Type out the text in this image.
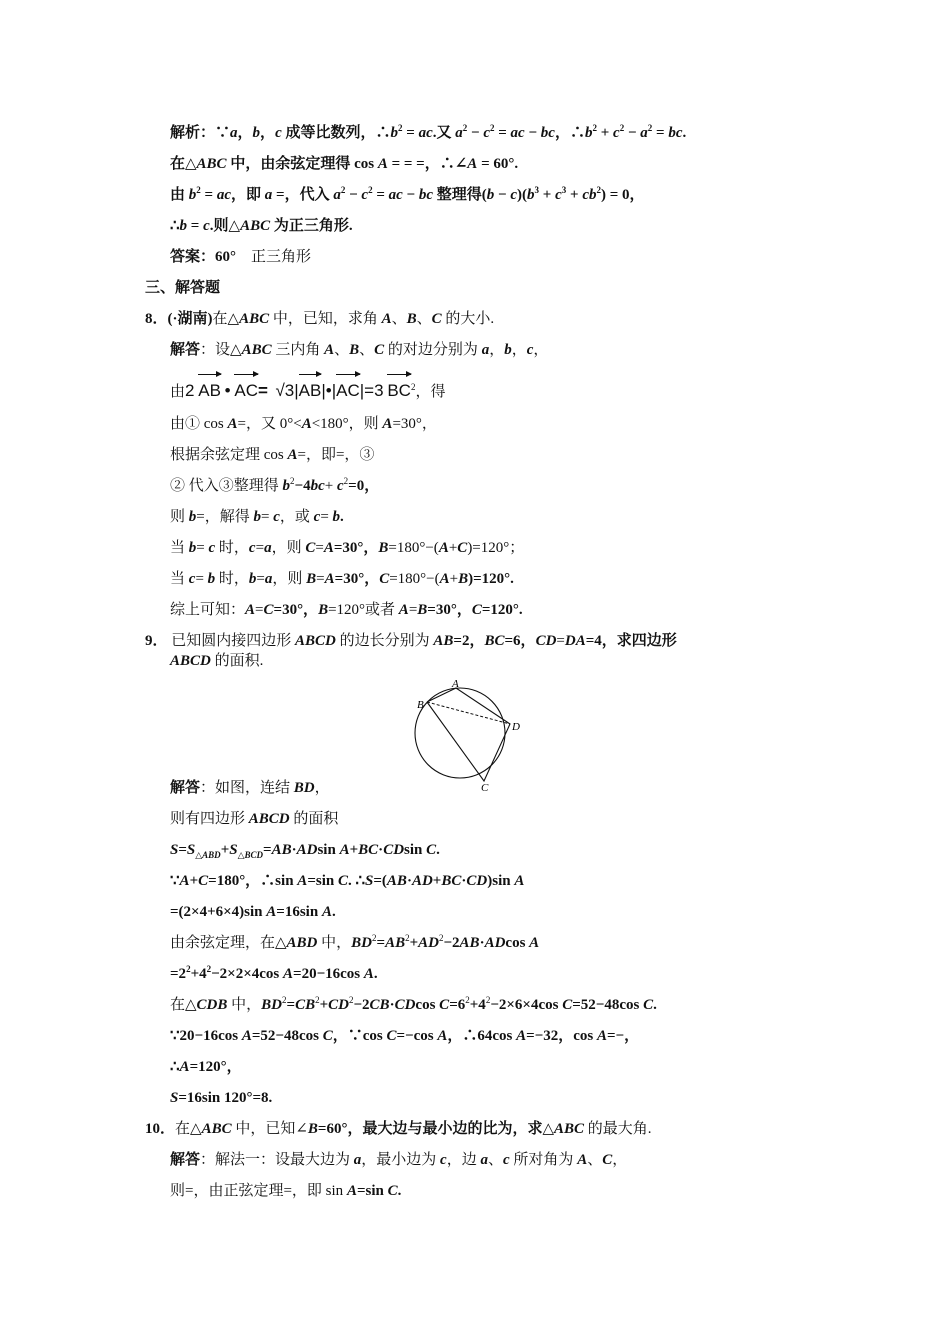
解析：∵a，b，c 成等比数列，$\therefore b^2$ = ac.又 $a^2 - c^2$ = ac − bc，$\therefore b^2 + c^2 - a^2$ = bc.
在△ABC 中，由余弦定理得 cos A = = =，∴∠A = 60°.
由 $b^2$ = ac，即 a =，代入 $a^2 - c^2$ = ac − bc 整理得$(b - c)(b^3 + c^3 + cb^2) = 0$，
∴b = c.则△ABC 为正三角形.
答案：60° 正三角形
三、解答题
8．(·湖南)在△ABC 中，已知，求角 A、B、C 的大小.
解答：设△ABC 三内角 A、B、C 的对边分别为 a，b，c，
由2 AB • AC= √3|
AB|•|
AC|=3 $BC^2$，得
由① cos A=，又 0°<A<180°，则 A=30°，
根据余弦定理 cos A=，即=，③
② 代入③整理得 $b^2-4bc+ c^2=0$，
则 b=，解得 b= c，或 c= b.
当 b= c 时，c=a，则 C=A=30°，B=180°−(A+C)=120°；
当 c= b 时，b=a，则 B=A=30°，C=180°−(A+B)=120°.
综上可知：A=C=30°，B=120°或者 A=B=30°，C=120°.
9． 已知圆内接四边形 ABCD 的边长分别为 AB=2，BC=6，CD=DA=4，求四边形
ABCD 的面积.
A
B
C
D
解答：如图，连结 BD，
则有四边形 ABCD 的面积
$S=S_{\triangle ABD}+S_{\triangle BCD}=AB\cdot ADsin$ A+BC·CDsin C.
∵A+C=180°，∴sin A=sin C. ∴S=(AB·AD+BC·CD)sin A
=(2×4+6×4)sin A=16sin A.
由余弦定理，在△ABD 中，$BD^2=AB^2+AD^2-2AB\cdot ADcos$ A
$=2^2+4^2-2\times 2\times 4\cos$ A=20−16cos A.
在△CDB 中，$BD^2=CB^2+CD^2-2CB\cdot CDcos$ $C=6^2+4^2-2\times 6\times 4\cos$ C=52−48cos C.
∵20−16cos A=52−48cos C，∵cos C=−cos A，∴64cos A=−32，cos A=−，
∴A=120°，
S=16sin 120°=8.
10．在△ABC 中，已知∠B=60°，最大边与最小边的比为，求△ABC 的最大角.
解答：解法一：设最大边为 a，最小边为 c，边 a、c 所对角为 A、C，
则=，由正弦定理=，即 sin A=sin C.
